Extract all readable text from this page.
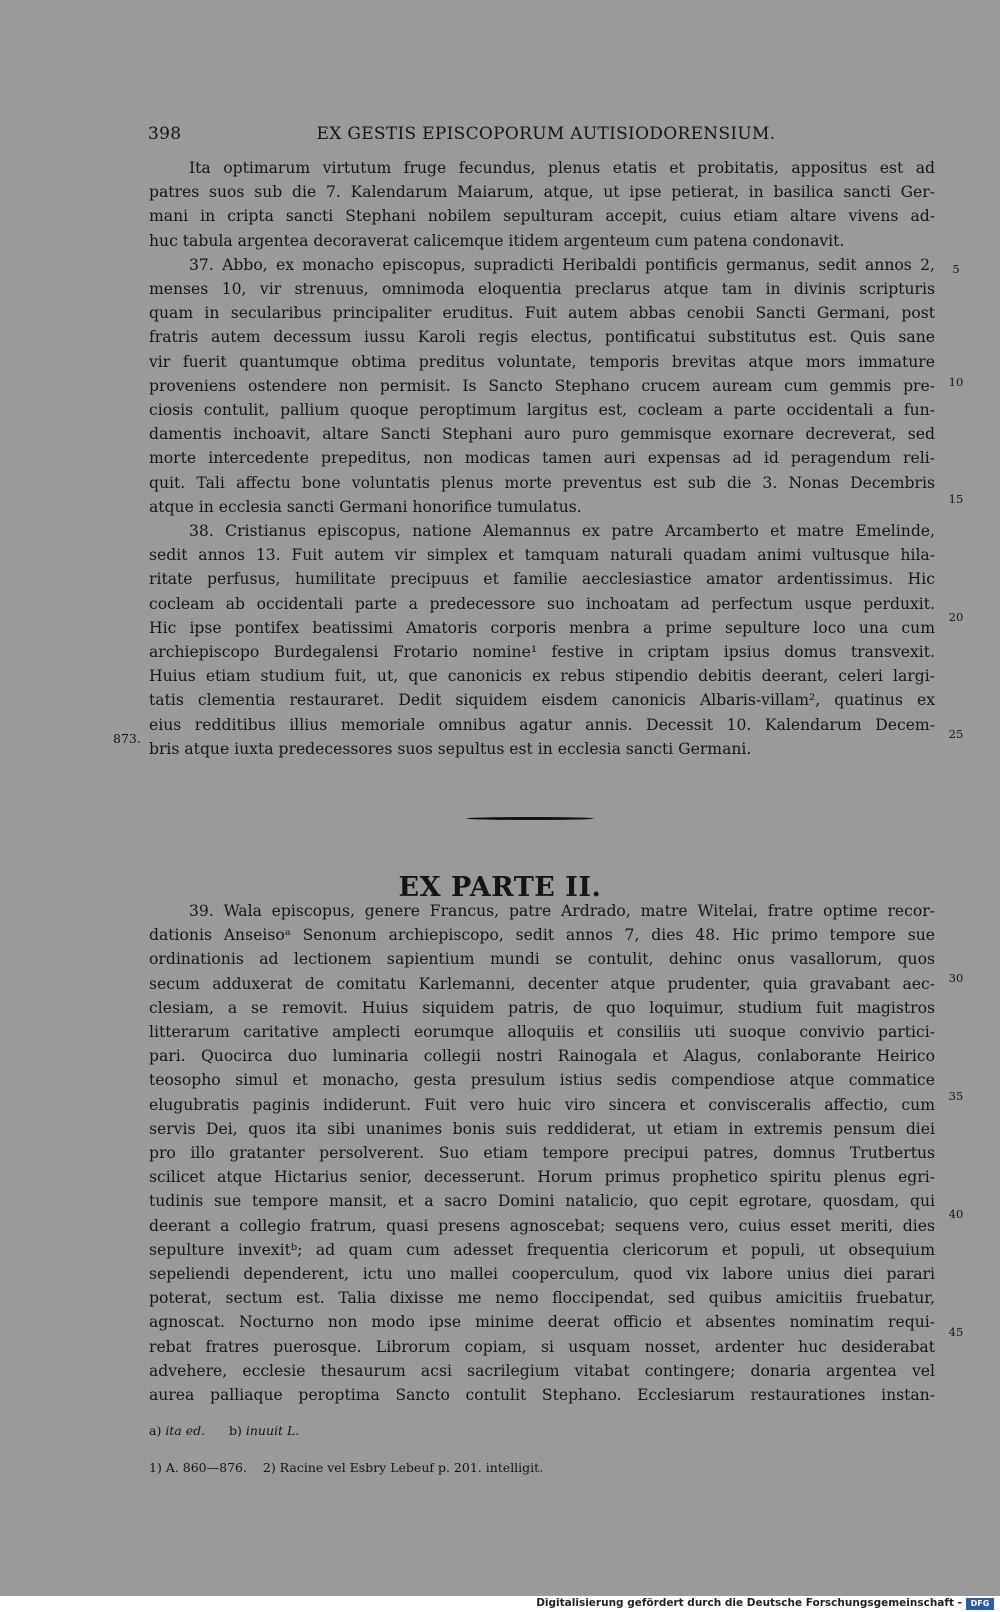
398	EX GESTIS EPISCOPORUM AUTISIODORENSIUM.
Ita optimarum virtutum fruge fecundus, plenus etatis et probitatis, appositus est ad
patres suos sub die 7. Kalendarum Maiarum, atque, ut ipse petierat, in basilica sancti Ger-
mani in cripta sancti Stephani nobilem sepulturam accepit, cuius etiam altare vivens ad-
huc tabula argentea decoraverat calicemque itidem argenteum cum patena condonavit.
37. Abbo, ex monacho episcopus, supradicti Heribaldi pontificis germanus, sedit annos 2,
menses 10, vir strenuus, omnimoda eloquentia preclarus atque tam in divinis scripturis
quam in secularibus principaliter eruditus. Fuit autem abbas cenobii Sancti Germani, post
fratris autem decessum iussu Karoli regis electus, pontificatui substitutus est. Quis sane
vir fuerit quantumque obtima preditus voluntate, temporis brevitas atque mors immature
proveniens ostendere non permisit. Is Sancto Stephano crucem auream cum gemmis pre-
ciosis contulit, pallium quoque peroptimum largitus est, cocleam a parte occidentali a fun-
damentis inchoavit, altare Sancti Stephani auro puro gemmisque exornare decreverat, sed
morte intercedente prepeditus, non modicas tamen auri expensas ad id peragendum reli-
quit. Tali affectu bone voluntatis plenus morte preventus est sub die 3. Nonas Decembris
atque in ecclesia sancti Germani honorifice tumulatus.
38. Cristianus episcopus, natione Alemannus ex patre Arcamberto et matre Emelinde,
sedit annos 13. Fuit autem vir simplex et tamquam naturali quadam animi vultusque hila-
ritate perfusus, humilitate precipuus et familie aecclesiastice amator ardentissimus. Hic
cocleam ab occidentali parte a predecessore suo inchoatam ad perfectum usque perduxit.
Hic ipse pontifex beatissimi Amatoris corporis menbra a prime sepulture loco una cum
archiepiscopo Burdegalensi Frotario nomine¹ festive in criptam ipsius domus transvexit.
Huius etiam studium fuit, ut, que canonicis ex rebus stipendio debitis deerant, celeri largi-
tatis clementia restauraret. Dedit siquidem eisdem canonicis Albaris-villam², quatinus ex
eius redditibus illius memoriale omnibus agatur annis. Decessit 10. Kalendarum Decem-
bris atque iuxta predecessores suos sepultus est in ecclesia sancti Germani.
5
10
15
20
25
873.
EX PARTE II.
39. Wala episcopus, genere Francus, patre Ardrado, matre Witelai, fratre optime recor-
dationis Anseisoᵃ Senonum archiepiscopo, sedit annos 7, dies 48. Hic primo tempore sue
ordinationis ad lectionem sapientium mundi se contulit, dehinc onus vasallorum, quos
secum adduxerat de comitatu Karlemanni, decenter atque prudenter, quia gravabant aec-
clesiam, a se removit. Huius siquidem patris, de quo loquimur, studium fuit magistros
litterarum caritative amplecti eorumque alloquiis et consiliis uti suoque convivio partici-
pari. Quocirca duo luminaria collegii nostri Rainogala et Alagus, conlaborante Heirico
teosopho simul et monacho, gesta presulum istius sedis compendiose atque commatice
elugubratis paginis indiderunt. Fuit vero huic viro sincera et convisceralis affectio, cum
servis Dei, quos ita sibi unanimes bonis suis reddiderat, ut etiam in extremis pensum diei
pro illo gratanter persolverent. Suo etiam tempore precipui patres, domnus Trutbertus
scilicet atque Hictarius senior, decesserunt. Horum primus prophetico spiritu plenus egri-
tudinis sue tempore mansit, et a sacro Domini natalicio, quo cepit egrotare, quosdam, qui
deerant a collegio fratrum, quasi presens agnoscebat; sequens vero, cuius esset meriti, dies
sepulture invexitᵇ; ad quam cum adesset frequentia clericorum et populi, ut obsequium
sepeliendi dependerent, ictu uno mallei cooperculum, quod vix labore unius diei parari
poterat, sectum est. Talia dixisse me nemo floccipendat, sed quibus amicitiis fruebatur,
agnoscat. Nocturno non modo ipse minime deerat officio et absentes nominatim requi-
rebat fratres puerosque. Librorum copiam, si usquam nosset, ardenter huc desiderabat
advehere, ecclesie thesaurum acsi sacrilegium vitabat contingere; donaria argentea vel
aurea palliaque peroptima Sancto contulit Stephano. Ecclesiarum restaurationes instan-
30
35
40
45
a) ita ed. b) inuuit L.
1) A. 860—876.    2) Racine vel Esbry Lebeuf p. 201. intelligit.
Digitalisierung gefördert durch die Deutsche Forschungsgemeinschaft -	DFG
